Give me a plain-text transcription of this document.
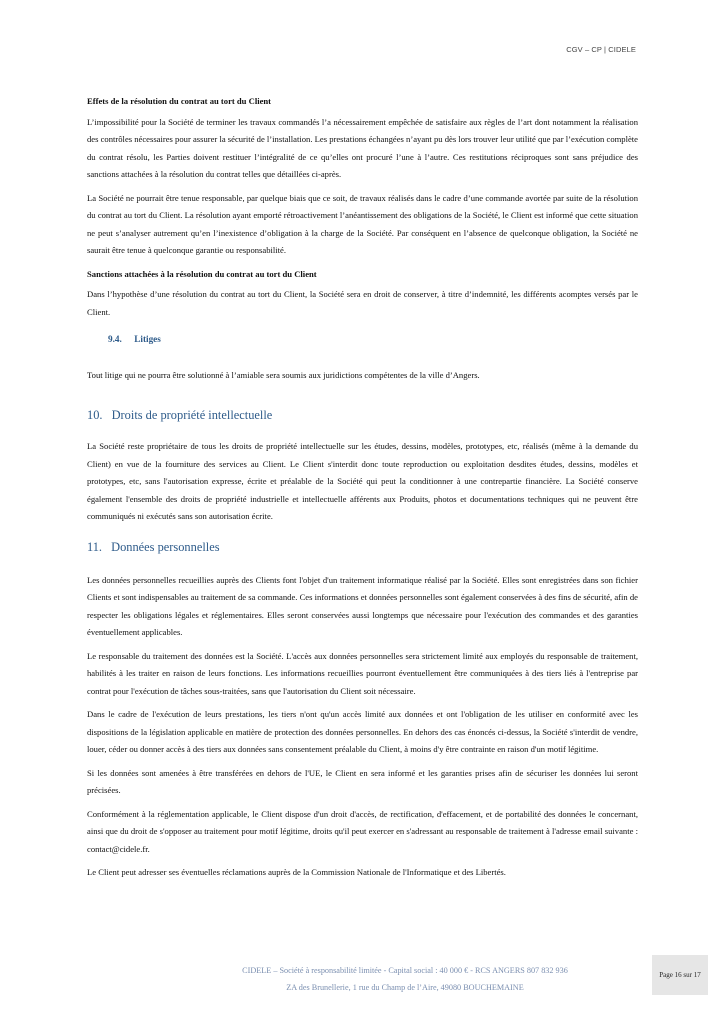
CGV – CP | CIDELE
Effets de la résolution du contrat au tort du Client

L’impossibilité pour la Société de terminer les travaux commandés l’a nécessairement empêchée de satisfaire aux règles de l’art dont notamment la réalisation des contrôles nécessaires pour assurer la sécurité de l’installation. Les prestations échangées n’ayant pu dès lors trouver leur utilité que par l’exécution complète du contrat résolu, les Parties doivent restituer l’intégralité de ce qu’elles ont procuré l’une à l’autre. Ces restitutions réciproques sont sans préjudice des sanctions attachées à la résolution du contrat telles que détaillées ci-après.

La Société ne pourrait être tenue responsable, par quelque biais que ce soit, de travaux réalisés dans le cadre d’une commande avortée par suite de la résolution du contrat au tort du Client. La résolution ayant emporté rétroactivement l’anéantissement des obligations de la Société, le Client est informé que cette situation ne peut s’analyser autrement qu’en l’inexistence d’obligation à la charge de la Société. Par conséquent en l’absence de quelconque obligation, la Société ne saurait être tenue à quelconque garantie ou responsabilité.

Sanctions attachées à la résolution du contrat au tort du Client

Dans l’hypothèse d’une résolution du contrat au tort du Client, la Société sera en droit de conserver, à titre d’indemnité, les différents acomptes versés par le Client.

9.4. Litiges

Tout litige qui ne pourra être solutionné à l’amiable sera soumis aux juridictions compétentes de la ville d’Angers.

10. Droits de propriété intellectuelle

La Société reste propriétaire de tous les droits de propriété intellectuelle sur les études, dessins, modèles, prototypes, etc, réalisés (même à la demande du Client) en vue de la fourniture des services au Client. Le Client s'interdit donc toute reproduction ou exploitation desdites études, dessins, modèles et prototypes, etc, sans l'autorisation expresse, écrite et préalable de la Société qui peut la conditionner à une contrepartie financière. La Société conserve également l'ensemble des droits de propriété industrielle et intellectuelle afférents aux Produits, photos et documentations techniques qui ne peuvent être communiqués ni exécutés sans son autorisation écrite.

11. Données personnelles

Les données personnelles recueillies auprès des Clients font l'objet d'un traitement informatique réalisé par la Société. Elles sont enregistrées dans son fichier Clients et sont indispensables au traitement de sa commande. Ces informations et données personnelles sont également conservées à des fins de sécurité, afin de respecter les obligations légales et réglementaires. Elles seront conservées aussi longtemps que nécessaire pour l'exécution des commandes et des garanties éventuellement applicables.

Le responsable du traitement des données est la Société. L'accès aux données personnelles sera strictement limité aux employés du responsable de traitement, habilités à les traiter en raison de leurs fonctions. Les informations recueillies pourront éventuellement être communiquées à des tiers liés à l'entreprise par contrat pour l'exécution de tâches sous-traitées, sans que l'autorisation du Client soit nécessaire.

Dans le cadre de l'exécution de leurs prestations, les tiers n'ont qu'un accès limité aux données et ont l'obligation de les utiliser en conformité avec les dispositions de la législation applicable en matière de protection des données personnelles. En dehors des cas énoncés ci-dessus, la Société s'interdit de vendre, louer, céder ou donner accès à des tiers aux données sans consentement préalable du Client, à moins d'y être contrainte en raison d'un motif légitime.

Si les données sont amenées à être transférées en dehors de l'UE, le Client en sera informé et les garanties prises afin de sécuriser les données lui seront précisées.

Conformément à la réglementation applicable, le Client dispose d'un droit d'accès, de rectification, d'effacement, et de portabilité des données le concernant, ainsi que du droit de s'opposer au traitement pour motif légitime, droits qu'il peut exercer en s'adressant au responsable de traitement à l'adresse email suivante : contact@cidele.fr.

Le Client peut adresser ses éventuelles réclamations auprès de la Commission Nationale de l'Informatique et des Libertés.

CIDELE – Société à responsabilité limitée - Capital social : 40 000 € - RCS ANGERS 807 832 936
ZA des Brunellerie, 1 rue du Champ de l’Aire, 49080 BOUCHEMAINE
Page 16 sur 17
